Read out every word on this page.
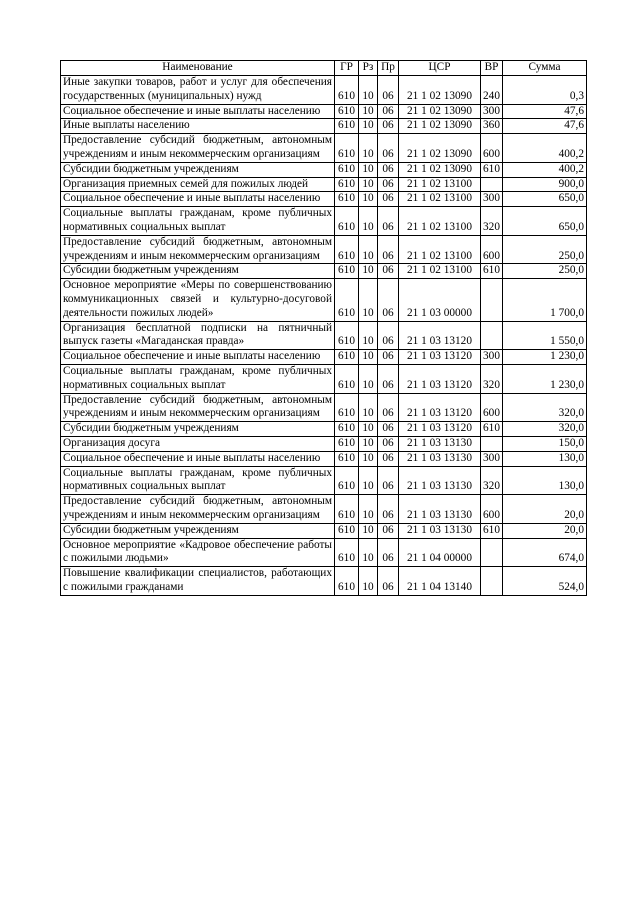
Наименование	ГР	Рз	Пр	ЦСР	ВР	Сумма
Иные закупки товаров, работ и услуг для обеспечения государственных (муниципальных) нужд	610	10	06	21 1 02 13090	240	0,3
Социальное обеспечение и иные выплаты населению	610	10	06	21 1 02 13090	300	47,6
Иные выплаты населению	610	10	06	21 1 02 13090	360	47,6
Предоставление субсидий бюджетным, автономным учреждениям и иным некоммерческим организациям	610	10	06	21 1 02 13090	600	400,2
Субсидии бюджетным учреждениям	610	10	06	21 1 02 13090	610	400,2
Организация приемных семей для пожилых людей	610	10	06	21 1 02 13100		900,0
Социальное обеспечение и иные выплаты населению	610	10	06	21 1 02 13100	300	650,0
Социальные выплаты гражданам, кроме публичных нормативных социальных выплат	610	10	06	21 1 02 13100	320	650,0
Предоставление субсидий бюджетным, автономным учреждениям и иным некоммерческим организациям	610	10	06	21 1 02 13100	600	250,0
Субсидии бюджетным учреждениям	610	10	06	21 1 02 13100	610	250,0
Основное мероприятие «Меры по совершенствованию коммуникационных связей и культурно-досуговой деятельности пожилых людей»	610	10	06	21 1 03 00000		1 700,0
Организация бесплатной подписки на пятничный выпуск газеты «Магаданская правда»	610	10	06	21 1 03 13120		1 550,0
Социальное обеспечение и иные выплаты населению	610	10	06	21 1 03 13120	300	1 230,0
Социальные выплаты гражданам, кроме публичных нормативных социальных выплат	610	10	06	21 1 03 13120	320	1 230,0
Предоставление субсидий бюджетным, автономным учреждениям и иным некоммерческим организациям	610	10	06	21 1 03 13120	600	320,0
Субсидии бюджетным учреждениям	610	10	06	21 1 03 13120	610	320,0
Организация досуга	610	10	06	21 1 03 13130		150,0
Социальное обеспечение и иные выплаты населению	610	10	06	21 1 03 13130	300	130,0
Социальные выплаты гражданам, кроме публичных нормативных социальных выплат	610	10	06	21 1 03 13130	320	130,0
Предоставление субсидий бюджетным, автономным учреждениям и иным некоммерческим организациям	610	10	06	21 1 03 13130	600	20,0
Субсидии бюджетным учреждениям	610	10	06	21 1 03 13130	610	20,0
Основное мероприятие «Кадровое обеспечение работы с пожилыми людьми»	610	10	06	21 1 04 00000		674,0
Повышение квалификации специалистов, работающих с пожилыми гражданами	610	10	06	21 1 04 13140		524,0
